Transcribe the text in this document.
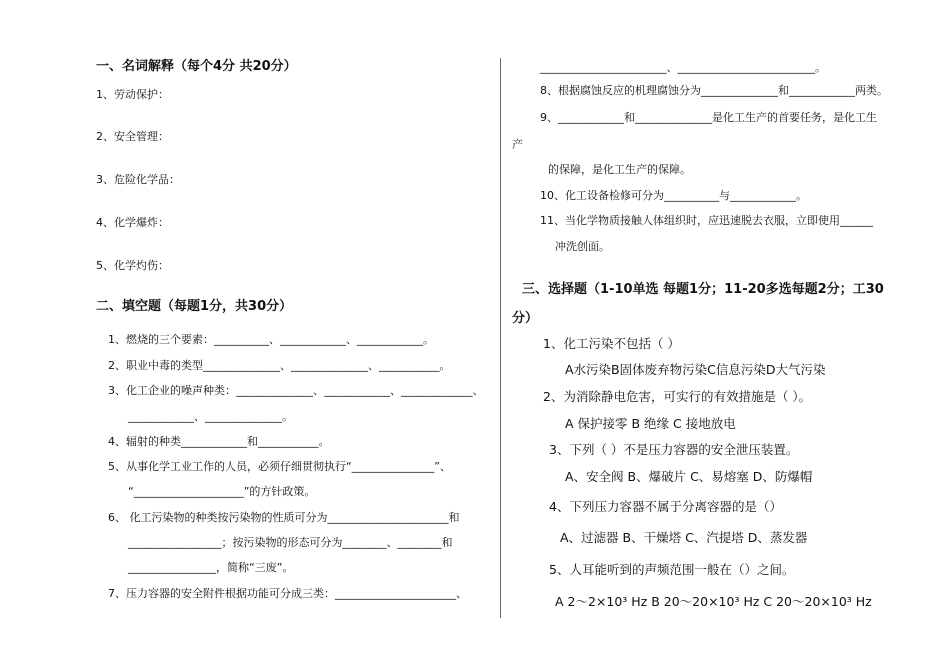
一、名词解释（每个4分 共20分）
1、劳动保护：
2、安全管理：
3、危险化学品：
4、化学爆炸：
5、化学灼伤：
二、填空题（每题1分，共30分）
1、燃烧的三个要素：__________、____________、____________。
2、职业中毒的类型______________、______________、___________。
3、化工企业的噪声种类：______________、____________、_____________、
____________、______________。
4、辐射的种类____________和___________。
5、从事化学工业工作的人员，必须仔细贯彻执行“_______________”、
“____________________”的方针政策。
6、 化工污染物的种类按污染物的性质可分为______________________和
_________________；按污染物的形态可分为________、________和
________________，简称“三废”。
7、压力容器的安全附件根据功能可分成三类：______________________、
_______________________、_________________________。
8、根据腐蚀反应的机理腐蚀分为______________和____________两类。
9、____________和______________是化工生产的首要任务，是化工生
产
的保障，是化工生产的保障。
10、化工设备检修可分为__________与____________。
11、当化学物质接触人体组织时，应迅速脱去衣服，立即使用______
冲洗创面。
三、选择题（1-10单选 每题1分；11-20多选每题2分；工30
分）
1、化工污染不包括（ ）
A水污染B固体废弃物污染C信息污染D大气污染
2、为消除静电危害，可实行的有效措施是（ ）。
A 保护接零 B 绝缘 C 接地放电
3、下列（ ）不是压力容器的安全泄压装置。
A、安全阀 B、爆破片 C、易熔塞 D、防爆帽
4、下列压力容器不属于分离容器的是（）
A、过滤器 B、干燥塔 C、汽提塔 D、蒸发器
5、人耳能听到的声频范围一般在（）之间。
A 2～2×10³ Hz B 20～20×10³ Hz C 20～20×10³ Hz
